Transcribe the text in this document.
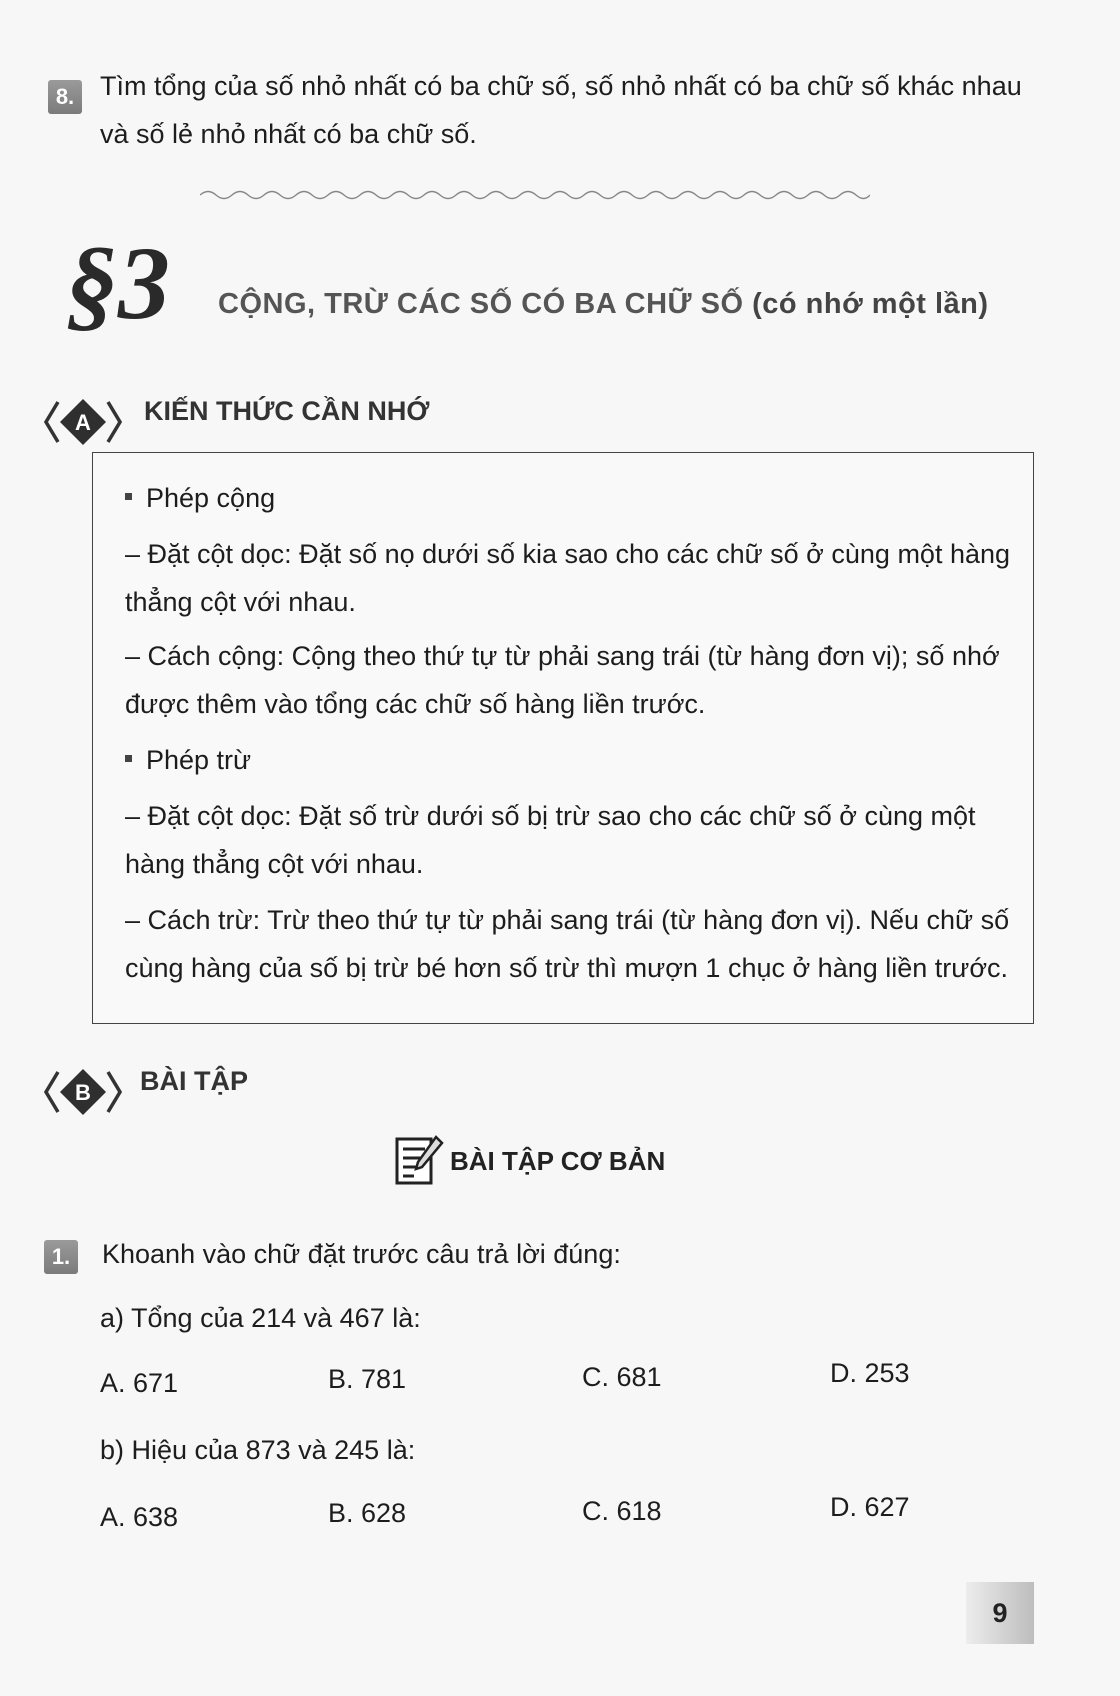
8. Tìm tổng của số nhỏ nhất có ba chữ số, số nhỏ nhất có ba chữ số khác nhau
và số lẻ nhỏ nhất có ba chữ số.
§3 CỘNG, TRỪ CÁC SỐ CÓ BA CHỮ SỐ (có nhớ một lần)
A KIẾN THỨC CẦN NHỚ
Phép cộng
– Đặt cột dọc: Đặt số nọ dưới số kia sao cho các chữ số ở cùng một hàng
thẳng cột với nhau.
– Cách cộng: Cộng theo thứ tự từ phải sang trái (từ hàng đơn vị); số nhớ
được thêm vào tổng các chữ số hàng liền trước.
Phép trừ
– Đặt cột dọc: Đặt số trừ dưới số bị trừ sao cho các chữ số ở cùng một
hàng thẳng cột với nhau.
– Cách trừ: Trừ theo thứ tự từ phải sang trái (từ hàng đơn vị). Nếu chữ số
cùng hàng của số bị trừ bé hơn số trừ thì mượn 1 chục ở hàng liền trước.
B BÀI TẬP
BÀI TẬP CƠ BẢN
1. Khoanh vào chữ đặt trước câu trả lời đúng:
a) Tổng của 214 và 467 là:
A. 671	B. 781	C. 681	D. 253
b) Hiệu của 873 và 245 là:
A. 638	B. 628	C. 618	D. 627
9
